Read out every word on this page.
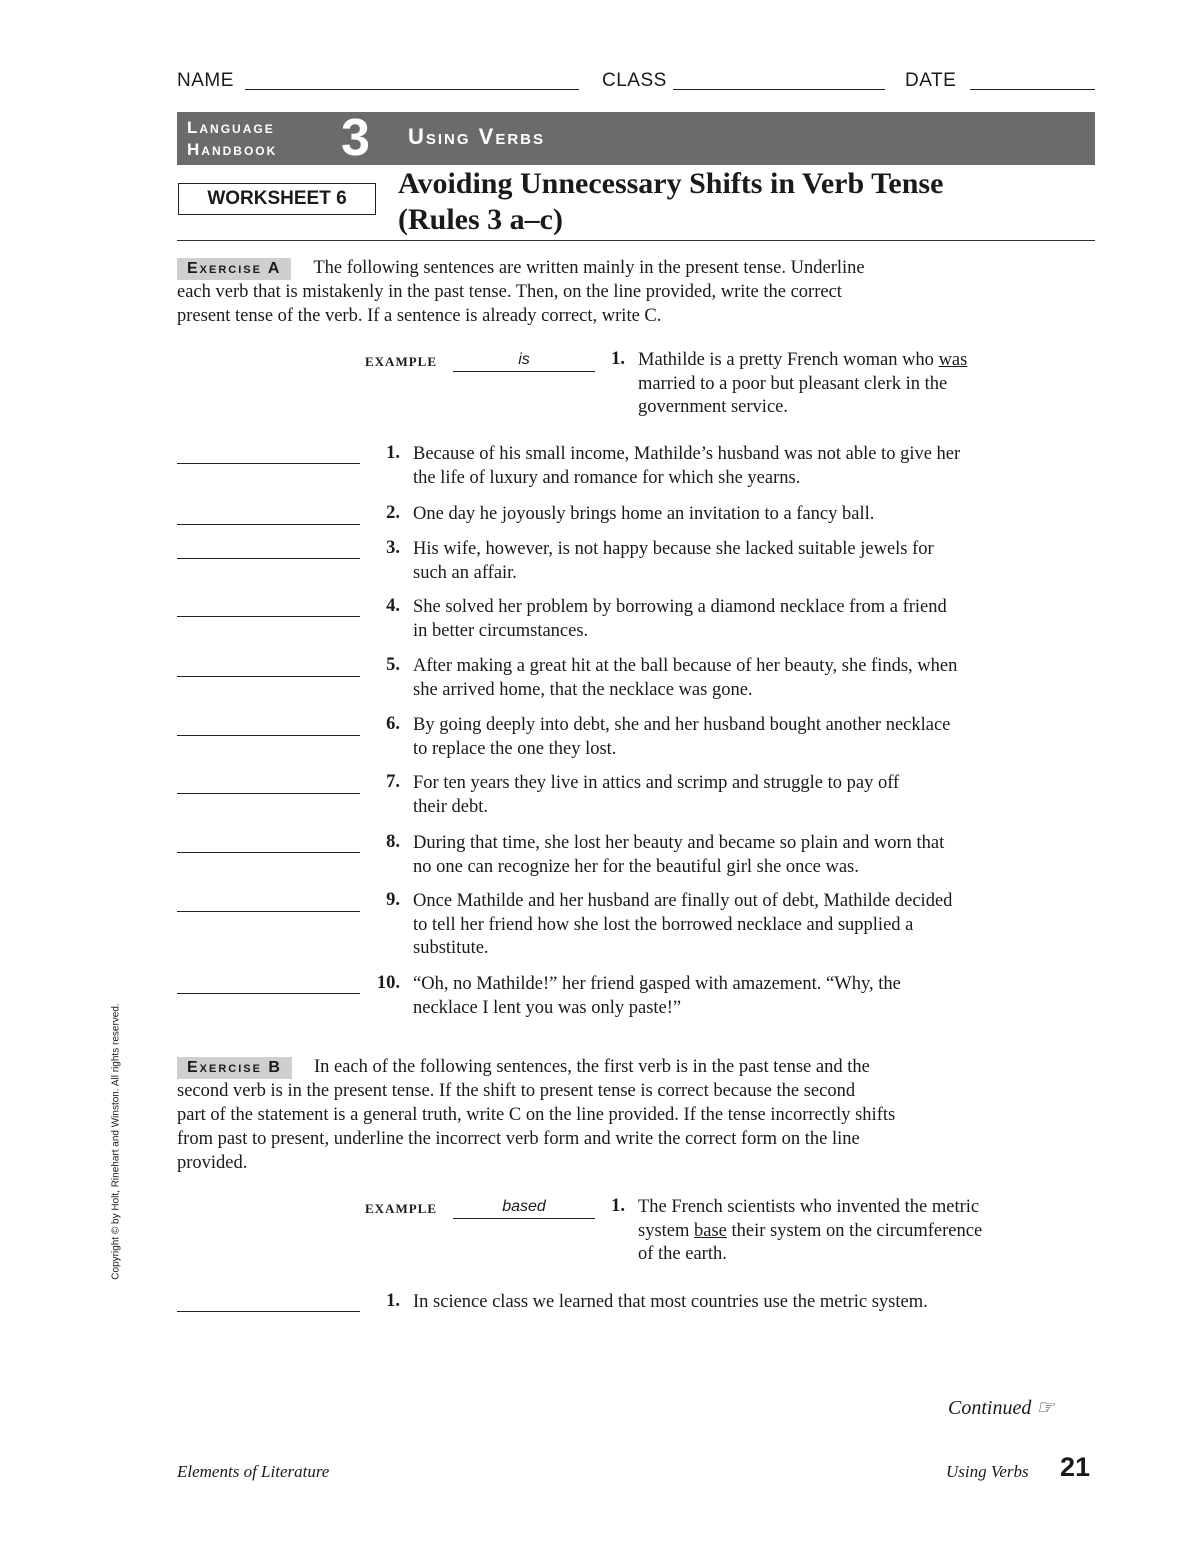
NAME	CLASS	DATE
Language
Handbook 3 Using Verbs
WORKSHEET 6	Avoiding Unnecessary Shifts in Verb Tense
(Rules 3 a–c)
Exercise A The following sentences are written mainly in the present tense. Underline
each verb that is mistakenly in the past tense. Then, on the line provided, write the correct
present tense of the verb. If a sentence is already correct, write C.
EXAMPLE	is	1. Mathilde is a pretty French woman who was
married to a poor but pleasant clerk in the
government service.
1. Because of his small income, Mathilde’s husband was not able to give her
the life of luxury and romance for which she yearns.
2. One day he joyously brings home an invitation to a fancy ball.
3. His wife, however, is not happy because she lacked suitable jewels for
such an affair.
4. She solved her problem by borrowing a diamond necklace from a friend
in better circumstances.
5. After making a great hit at the ball because of her beauty, she finds, when
she arrived home, that the necklace was gone.
6. By going deeply into debt, she and her husband bought another necklace
to replace the one they lost.
7. For ten years they live in attics and scrimp and struggle to pay off
their debt.
8. During that time, she lost her beauty and became so plain and worn that
no one can recognize her for the beautiful girl she once was.
9. Once Mathilde and her husband are finally out of debt, Mathilde decided
to tell her friend how she lost the borrowed necklace and supplied a
substitute.
10. “Oh, no Mathilde!” her friend gasped with amazement. “Why, the
necklace I lent you was only paste!”
Exercise B In each of the following sentences, the first verb is in the past tense and the
second verb is in the present tense. If the shift to present tense is correct because the second
part of the statement is a general truth, write C on the line provided. If the tense incorrectly shifts
from past to present, underline the incorrect verb form and write the correct form on the line
provided.
EXAMPLE	based	1. The French scientists who invented the metric
system base their system on the circumference
of the earth.
1. In science class we learned that most countries use the metric system.
Continued ☞
Elements of Literature	Using Verbs 21
Copyright © by Holt, Rinehart and Winston. All rights reserved.
